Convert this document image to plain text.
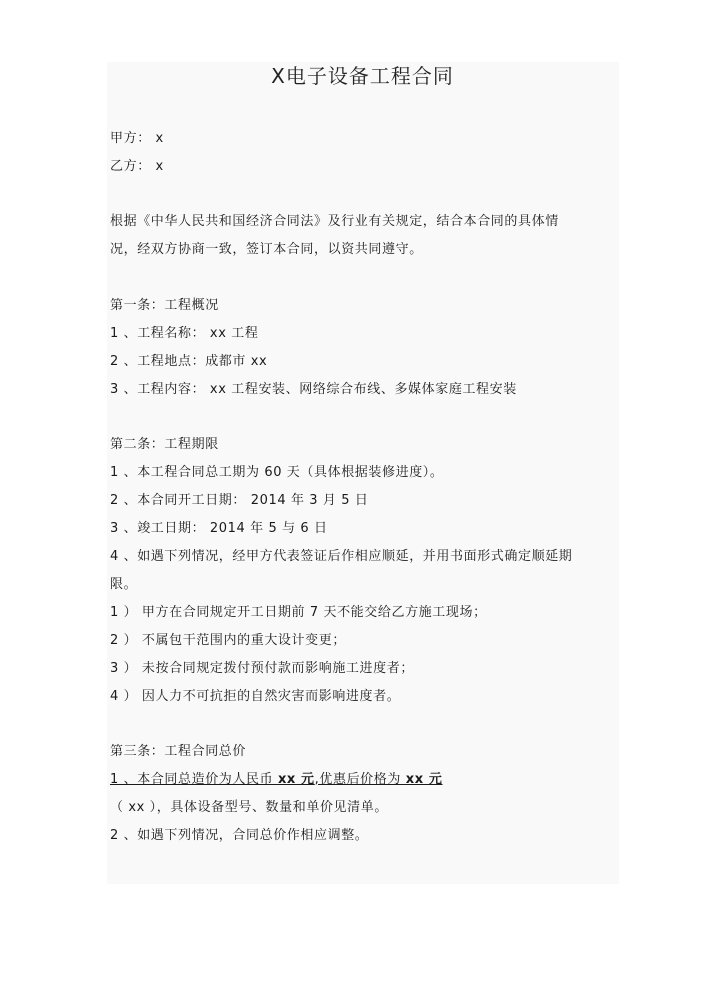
X电子设备工程合同
甲方： x
乙方： x
根据《中华人民共和国经济合同法》及行业有关规定，结合本合同的具体情
况，经双方协商一致，签订本合同，以资共同遵守。
第一条：工程概况
1 、工程名称： xx 工程
2 、工程地点：成都市 xx
3 、工程内容： xx 工程安装、网络综合布线、多媒体家庭工程安装
第二条：工程期限
1 、本工程合同总工期为 60 天（具体根据装修进度）。
2 、本合同开工日期： 2014 年 3 月 5 日
3 、竣工日期： 2014 年 5 与 6 日
4 、如遇下列情况，经甲方代表签证后作相应顺延，并用书面形式确定顺延期
限。
1 ） 甲方在合同规定开工日期前 7 天不能交给乙方施工现场；
2 ） 不属包干范围内的重大设计变更；
3 ） 未按合同规定拨付预付款而影响施工进度者；
4 ） 因人力不可抗拒的自然灾害而影响进度者。
第三条：工程合同总价
1 、本合同总造价为人民币 xx 元,优惠后价格为 xx 元
（ xx ），具体设备型号、数量和单价见清单。
2 、如遇下列情况，合同总价作相应调整。
